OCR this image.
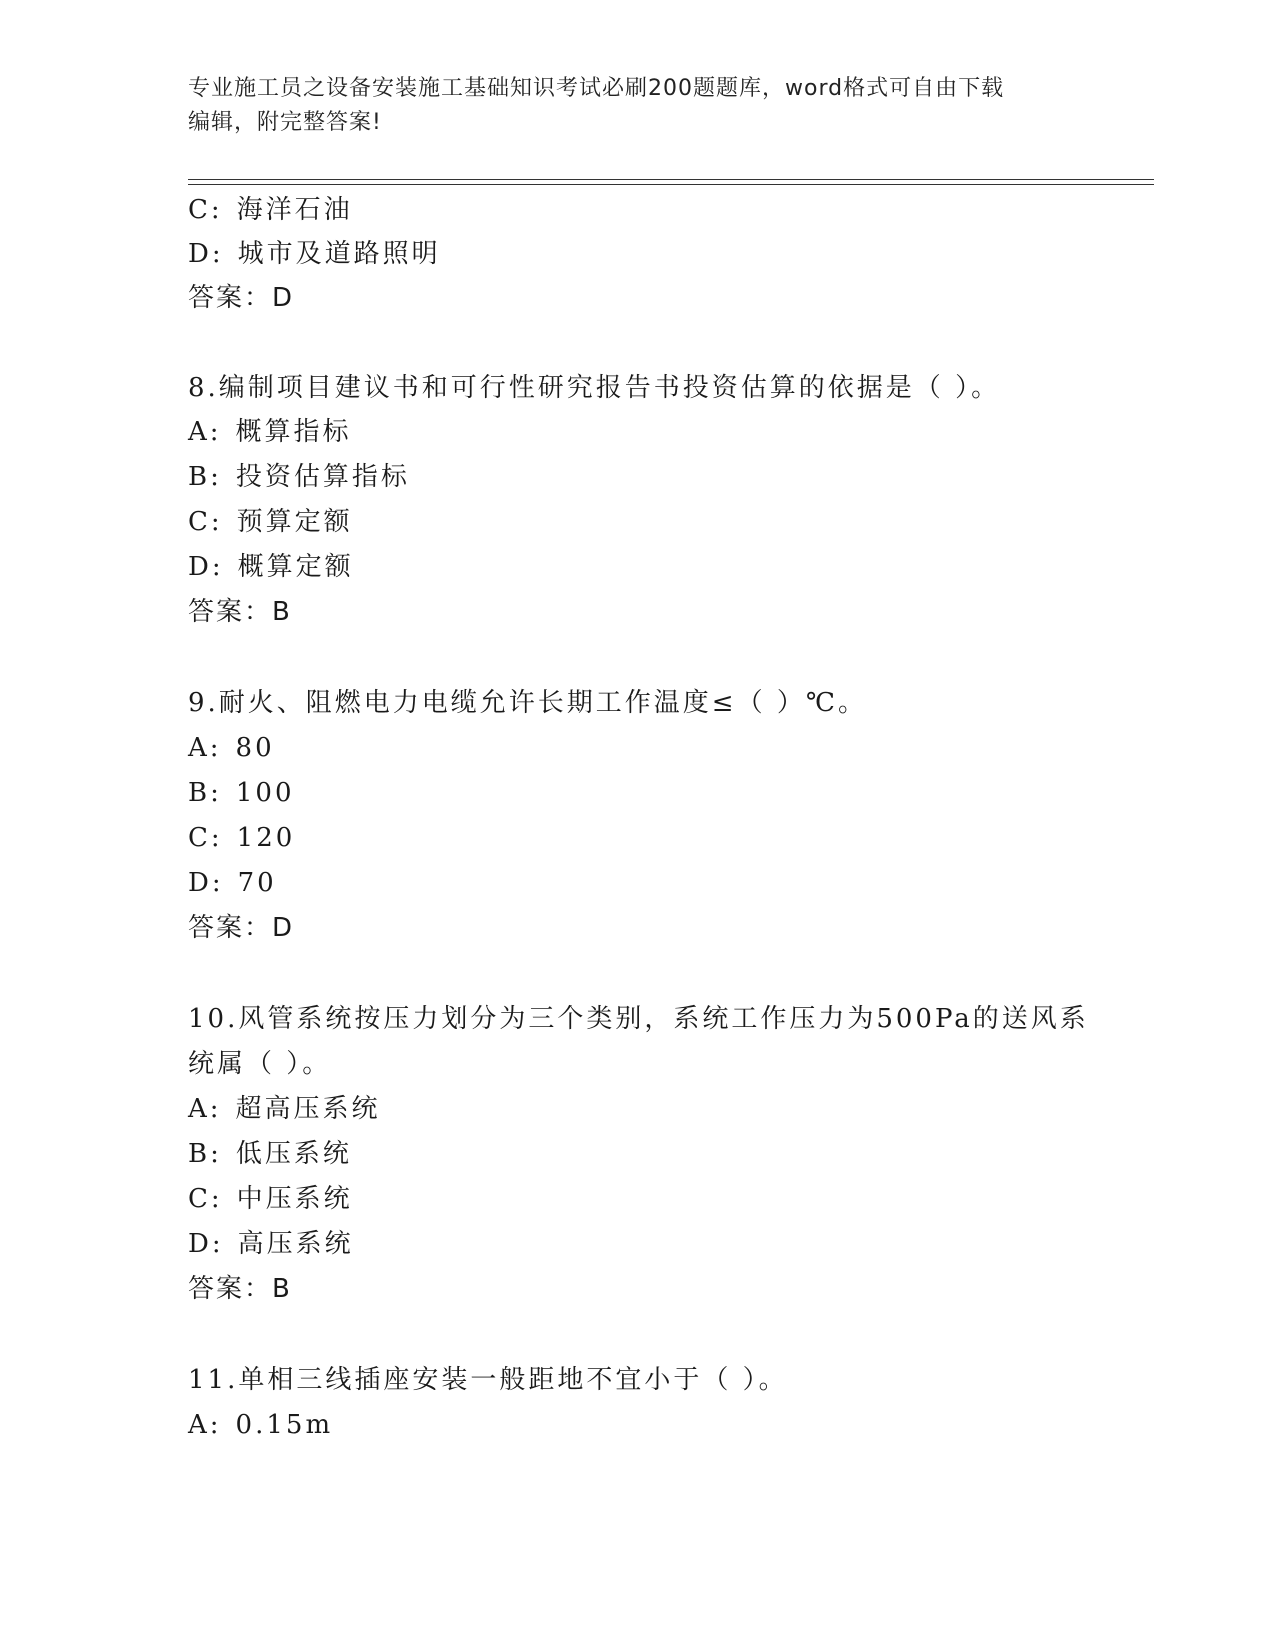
专业施工员之设备安装施工基础知识考试必刷200题题库，word格式可自由下载
编辑，附完整答案!
C: 海洋石油
D: 城市及道路照明
答案：D
8.编制项目建议书和可行性研究报告书投资估算的依据是（ ）。
A: 概算指标
B: 投资估算指标
C: 预算定额
D: 概算定额
答案：B
9.耐火、阻燃电力电缆允许长期工作温度≤（ ）℃。
A: 80
B: 100
C: 120
D: 70
答案：D
10.风管系统按压力划分为三个类别，系统工作压力为500Pa的送风系
统属（ ）。
A: 超高压系统
B: 低压系统
C: 中压系统
D: 高压系统
答案：B
11.单相三线插座安装一般距地不宜小于（ ）。
A: 0.15m
